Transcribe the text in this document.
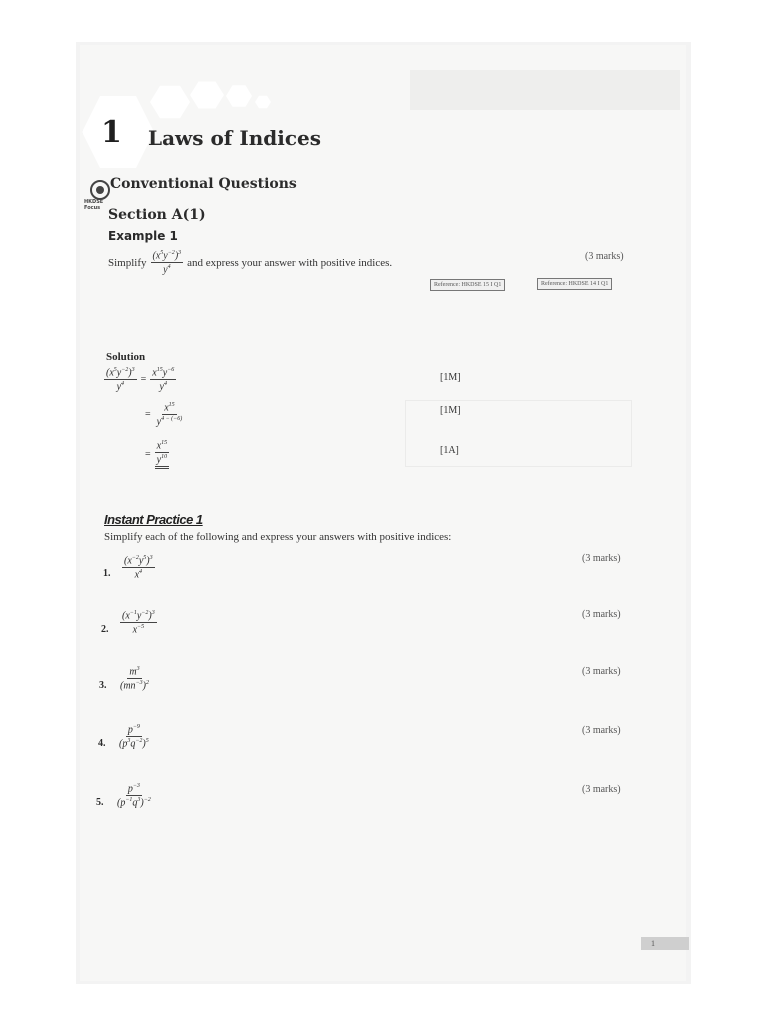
1 Laws of Indices
HKDSE Focus
Conventional Questions
Section A(1)
Example 1
Simplify $\frac{(x^5y^{-2})^3}{y^4}$ and express your answer with positive indices.
(3 marks)
Reference: HKDSE 15 I Q1	Reference: HKDSE 14 I Q1
Solution
$\frac{(x^5y^{-2})^3}{y^4} = \frac{x^{15}y^{-6}}{y^4}$
= $\frac{x^{15}}{y^{4 - (-6)}}$
= $\frac{x^{15}}{y^{10}}$
[1M]
[1M]
[1A]
Instant Practice 1
Simplify each of the following and express your answers with positive indices:
1. $\frac{(x^{-2}y^5)^3}{x^4}$	(3 marks)
2. $\frac{(x^{-1}y^{-2})^3}{x^{-5}}$	(3 marks)
3. $\frac{m^3}{(mn^{-3})^2}$	(3 marks)
4. $\frac{p^{-9}}{(p^3q^{-2})^5}$	(3 marks)
5. $\frac{p^{-3}}{(p^{-1}q^3)^{-2}}$	(3 marks)
1
